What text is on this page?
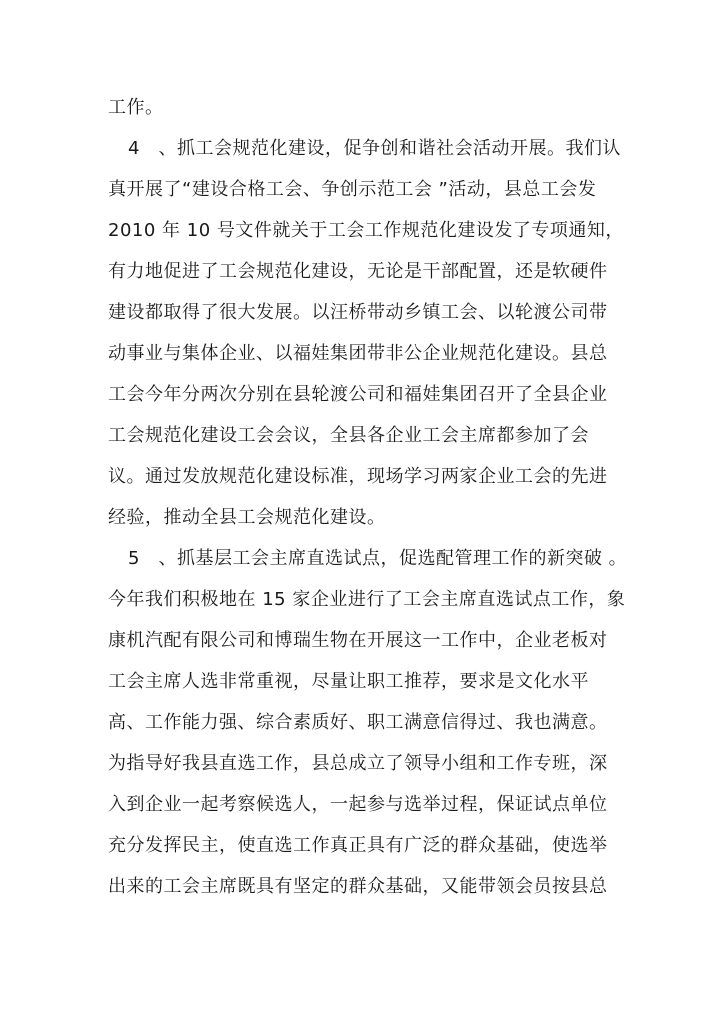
工作。
4　、抓工会规范化建设，促争创和谐社会活动开展。我们认
真开展了“建设合格工会、争创示范工会 ”活动，县总工会发
2010 年 10 号文件就关于工会工作规范化建设发了专项通知，
有力地促进了工会规范化建设，无论是干部配置，还是软硬件
建设都取得了很大发展。以汪桥带动乡镇工会、以轮渡公司带
动事业与集体企业、以福娃集团带非公企业规范化建设。县总
工会今年分两次分别在县轮渡公司和福娃集团召开了全县企业
工会规范化建设工会会议，全县各企业工会主席都参加了会
议。通过发放规范化建设标准，现场学习两家企业工会的先进
经验，推动全县工会规范化建设。
5　、抓基层工会主席直选试点，促选配管理工作的新突破 。
今年我们积极地在 15 家企业进行了工会主席直选试点工作，象
康机汽配有限公司和博瑞生物在开展这一工作中，企业老板对
工会主席人选非常重视，尽量让职工推荐，要求是文化水平
高、工作能力强、综合素质好、职工满意信得过、我也满意。
为指导好我县直选工作，县总成立了领导小组和工作专班，深
入到企业一起考察候选人，一起参与选举过程，保证试点单位
充分发挥民主，使直选工作真正具有广泛的群众基础，使选举
出来的工会主席既具有坚定的群众基础，又能带领会员按县总
